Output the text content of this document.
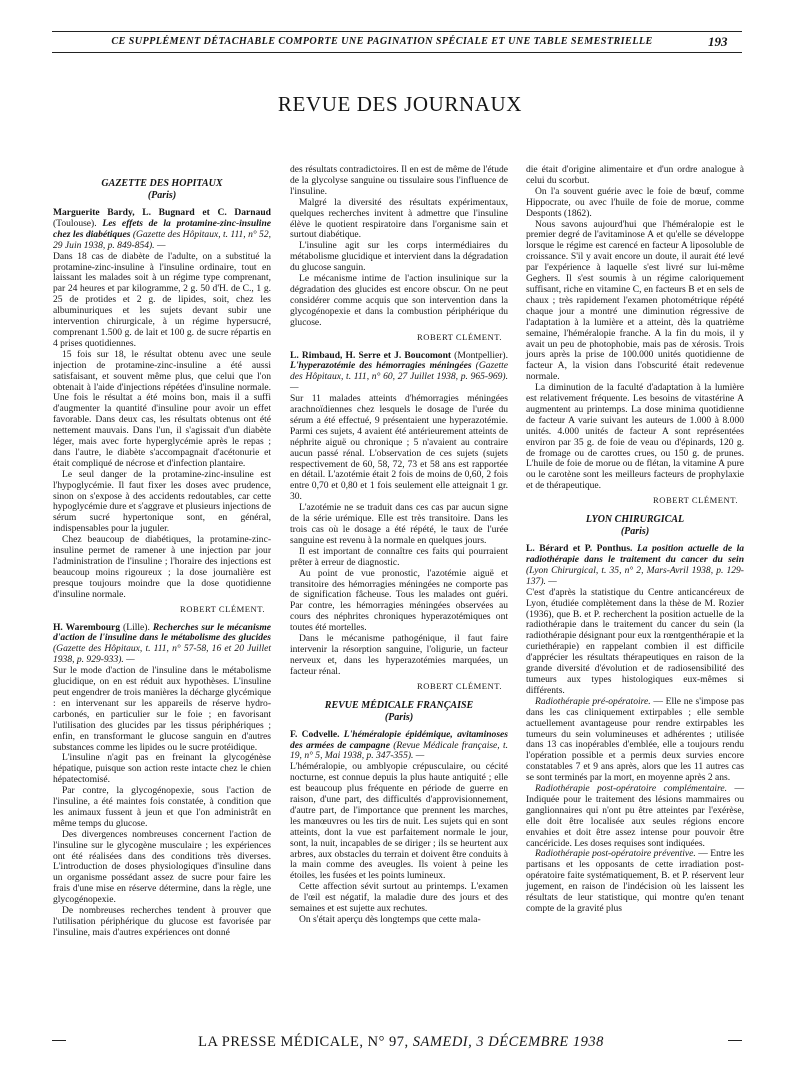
CE SUPPLÉMENT DÉTACHABLE COMPORTE UNE PAGINATION SPÉCIALE ET UNE TABLE SEMESTRIELLE	193
REVUE DES JOURNAUX
GAZETTE DES HOPITAUX
(Paris)

Marguerite Bardy, L. Bugnard et C. Darnaud (Toulouse). Les effets de la protamine-zinc-insuline chez les diabétiques (Gazette des Hôpitaux, t. 111, n° 52, 29 Juin 1938, p. 849-854). —

Dans 18 cas de diabète de l'adulte, on a substitué la protamine-zinc-insuline à l'insuline ordinaire, tout en laissant les malades soit à un régime type comprenant, par 24 heures et par kilogramme, 2 g. 50 d'H. de C., 1 g. 25 de protides et 2 g. de lipides, soit, chez les albuminuriques et les sujets devant subir une intervention chirurgicale, à un régime hypersucré, comprenant 1.500 g. de lait et 100 g. de sucre répartis en 4 prises quotidiennes.

15 fois sur 18, le résultat obtenu avec une seule injection de protamine-zinc-insuline a été aussi satisfaisant, et souvent même plus, que celui que l'on obtenait à l'aide d'injections répétées d'insuline normale. Une fois le résultat a été moins bon, mais il a suffi d'augmenter la quantité d'insuline pour avoir un effet favorable. Dans deux cas, les résultats obtenus ont été nettement mauvais. Dans l'un, il s'agissait d'un diabète léger, mais avec forte hyperglycémie après le repas ; dans l'autre, le diabète s'accompagnait d'acétonurie et était compliqué de nécrose et d'infection plantaire.

Le seul danger de la protamine-zinc-insuline est l'hypoglycémie. Il faut fixer les doses avec prudence, sinon on s'expose à des accidents redoutables, car cette hypoglycémie dure et s'aggrave et plusieurs injections de sérum sucré hypertonique sont, en général, indispensables pour la juguler.

Chez beaucoup de diabétiques, la protamine-zinc-insuline permet de ramener à une injection par jour l'administration de l'insuline ; l'horaire des injections est beaucoup moins rigoureux ; la dose journalière est presque toujours moindre que la dose quotidienne d'insuline normale.

ROBERT CLÉMENT.

H. Warembourg (Lille). Recherches sur le mécanisme d'action de l'insuline dans le métabolisme des glucides (Gazette des Hôpitaux, t. 111, n° 57-58, 16 et 20 Juillet 1938, p. 929-933). —

Sur le mode d'action de l'insuline dans le métabolisme glucidique, on en est réduit aux hypothèses. L'insuline peut engendrer de trois manières la décharge glycémique : en intervenant sur les appareils de réserve hydro-carbonés, en particulier sur le foie ; en favorisant l'utilisation des glucides par les tissus périphériques ; enfin, en transformant le glucose sanguin en d'autres substances comme les lipides ou le sucre protéidique.

L'insuline n'agit pas en freinant la glycogénèse hépatique, puisque son action reste intacte chez le chien hépatectomisé.

Par contre, la glycogénopexie, sous l'action de l'insuline, a été maintes fois constatée, à condition que les animaux fussent à jeun et que l'on administrât en même temps du glucose.

Des divergences nombreuses concernent l'action de l'insuline sur le glycogène musculaire ; les expériences ont été réalisées dans des conditions très diverses. L'introduction de doses physiologiques d'insuline dans un organisme possédant assez de sucre pour faire les frais d'une mise en réserve détermine, dans la règle, une glycogénopexie.

De nombreuses recherches tendent à prouver que l'utilisation périphérique du glucose est favorisée par l'insuline, mais d'autres expériences ont donné

des résultats contradictoires. Il en est de même de l'étude de la glycolyse sanguine ou tissulaire sous l'influence de l'insuline.

Malgré la diversité des résultats expérimentaux, quelques recherches invitent à admettre que l'insuline élève le quotient respiratoire dans l'organisme sain et surtout diabétique.

L'insuline agit sur les corps intermédiaires du métabolisme glucidique et intervient dans la dégradation du glucose sanguin.

Le mécanisme intime de l'action insulinique sur la dégradation des glucides est encore obscur. On ne peut considérer comme acquis que son intervention dans la glycogénopexie et dans la combustion périphérique du glucose.

ROBERT CLÉMENT.

L. Rimbaud, H. Serre et J. Boucomont (Montpellier). L'hyperazotémie des hémorragies méningées (Gazette des Hôpitaux, t. 111, n° 60, 27 Juillet 1938, p. 965-969). —

Sur 11 malades atteints d'hémorragies méningées arachnoïdiennes chez lesquels le dosage de l'urée du sérum a été effectué, 9 présentaient une hyperazotémie. Parmi ces sujets, 4 avaient été antérieurement atteints de néphrite aiguë ou chronique ; 5 n'avaient au contraire aucun passé rénal. L'observation de ces sujets (sujets respectivement de 60, 58, 72, 73 et 58 ans est rapportée en détail. L'azotémie était 2 fois de moins de 0,60, 2 fois entre 0,70 et 0,80 et 1 fois seulement elle atteignait 1 gr. 30.

L'azotémie ne se traduit dans ces cas par aucun signe de la série urémique. Elle est très transitoire. Dans les trois cas où le dosage a été répété, le taux de l'urée sanguine est revenu à la normale en quelques jours.

Il est important de connaître ces faits qui pourraient prêter à erreur de diagnostic.

Au point de vue pronostic, l'azotémie aiguë et transitoire des hémorragies méningées ne comporte pas de signification fâcheuse. Tous les malades ont guéri. Par contre, les hémorragies méningées observées au cours des néphrites chroniques hyperazotémiques ont toutes été mortelles.

Dans le mécanisme pathogénique, il faut faire intervenir la résorption sanguine, l'oligurie, un facteur nerveux et, dans les hyperazotémies marquées, un facteur rénal.

ROBERT CLÉMENT.
REVUE MÉDICALE FRANÇAISE
(Paris)

F. Codvelle. L'héméralopie épidémique, avitaminoses des armées de campagne (Revue Médicale française, t. 19, n° 5, Mai 1938, p. 347-355). —

L'héméralopie, ou amblyopie crépusculaire, ou cécité nocturne, est connue depuis la plus haute antiquité ; elle est beaucoup plus fréquente en période de guerre en raison, d'une part, des difficultés d'approvisionnement, d'autre part, de l'importance que prennent les marches, les manœuvres ou les tirs de nuit. Les sujets qui en sont atteints, dont la vue est parfaitement normale le jour, sont, la nuit, incapables de se diriger ; ils se heurtent aux arbres, aux obstacles du terrain et doivent être conduits à la main comme des aveugles. Ils voient à peine les étoiles, les fusées et les points lumineux.

Cette affection sévit surtout au printemps. L'examen de l'œil est négatif, la maladie dure des jours et des semaines et est sujette aux rechutes.

On s'était aperçu dès longtemps que cette mala-

die était d'origine alimentaire et d'un ordre analogue à celui du scorbut.

On l'a souvent guérie avec le foie de bœuf, comme Hippocrate, ou avec l'huile de foie de morue, comme Desponts (1862).

Nous savons aujourd'hui que l'héméralopie est le premier degré de l'avitaminose A et qu'elle se développe lorsque le régime est carencé en facteur A liposoluble de croissance. S'il y avait encore un doute, il aurait été levé par l'expérience à laquelle s'est livré sur lui-même Geghers. Il s'est soumis à un régime caloriquement suffisant, riche en vitamine C, en facteurs B et en sels de chaux ; très rapidement l'examen photométrique répété chaque jour a montré une diminution régressive de l'adaptation à la lumière et a atteint, dès la quatrième semaine, l'héméralopie franche. A la fin du mois, il y avait un peu de photophobie, mais pas de xérosis. Trois jours après la prise de 100.000 unités quotidienne de facteur A, la vision dans l'obscurité était redevenue normale.

La diminution de la faculté d'adaptation à la lumière est relativement fréquente. Les besoins de vitastérine A augmentent au printemps. La dose minima quotidienne de facteur A varie suivant les auteurs de 1.000 à 8.000 unités. 4.000 unités de facteur A sont représentées environ par 35 g. de foie de veau ou d'épinards, 120 g. de fromage ou de carottes crues, ou 150 g. de prunes. L'huile de foie de morue ou de flétan, la vitamine A pure ou le carotène sont les meilleurs facteurs de prophylaxie et de thérapeutique.

ROBERT CLÉMENT.
LYON CHIRURGICAL
(Paris)

L. Bérard et P. Ponthus. La position actuelle de la radiothérapie dans le traitement du cancer du sein (Lyon Chirurgical, t. 35, n° 2, Mars-Avril 1938, p. 129-137). —

C'est d'après la statistique du Centre anticancéreux de Lyon, étudiée complètement dans la thèse de M. Rozier (1936), que B. et P. recherchent la position actuelle de la radiothérapie dans le traitement du cancer du sein (la radiothérapie désignant pour eux la rœntgenthérapie et la curiethérapie) en rappelant combien il est difficile d'apprécier les résultats thérapeutiques en raison de la grande diversité d'évolution et de radiosensibilité des tumeurs aux types histologiques eux-mêmes si différents.

Radiothérapie pré-opératoire. — Elle ne s'impose pas dans les cas cliniquement extirpables ; elle semble actuellement avantageuse pour rendre extirpables les tumeurs du sein volumineuses et adhérentes ; utilisée dans 13 cas inopérables d'emblée, elle a toujours rendu l'opération possible et a permis deux survies encore constatables 7 et 9 ans après, alors que les 11 autres cas se sont terminés par la mort, en moyenne après 2 ans.

Radiothérapie post-opératoire complémentaire. — Indiquée pour le traitement des lésions mammaires ou ganglionnaires qui n'ont pu être atteintes par l'exérèse, elle doit être localisée aux seules régions encore envahies et doit être assez intense pour pouvoir être cancéricide. Les doses requises sont indiquées.

Radiothérapie post-opératoire préventive. — Entre les partisans et les opposants de cette irradiation post-opératoire faite systématiquement, B. et P. réservent leur jugement, en raison de l'indécision où les laissent les résultats de leur statistique, qui montre qu'en tenant compte de la gravité plus

LA PRESSE MÉDICALE, N° 97, SAMEDI, 3 DÉCEMBRE 1938
